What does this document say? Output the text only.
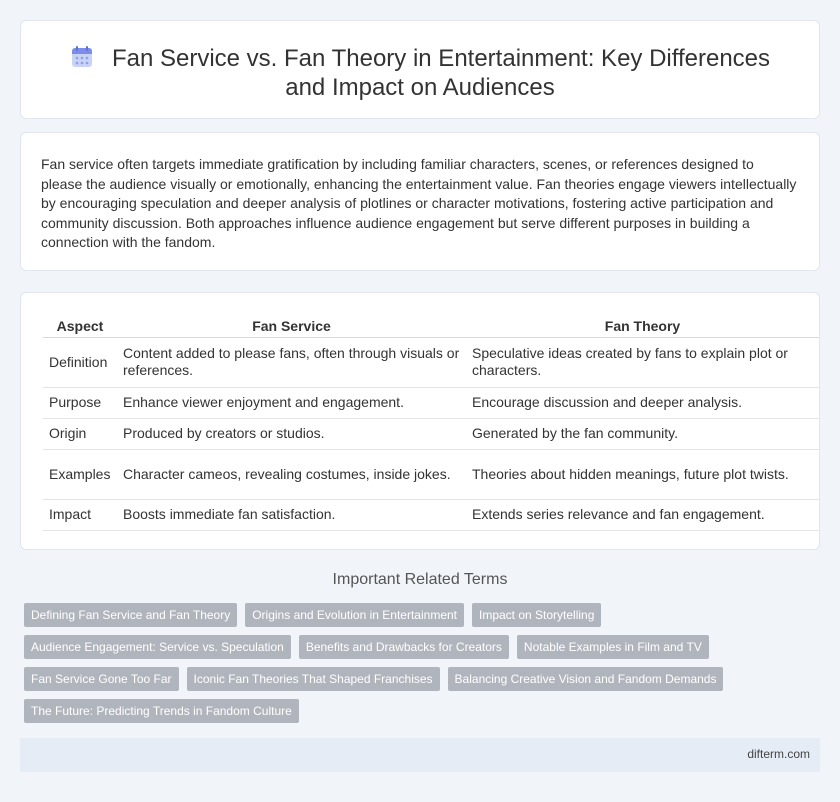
Fan Service vs. Fan Theory in Entertainment: Key Differences and Impact on Audiences

Fan service often targets immediate gratification by including familiar characters, scenes, or references designed to please the audience visually or emotionally, enhancing the entertainment value. Fan theories engage viewers intellectually by encouraging speculation and deeper analysis of plotlines or character motivations, fostering active participation and community discussion. Both approaches influence audience engagement but serve different purposes in building a connection with the fandom.

Aspect	Fan Service	Fan Theory
Definition	Content added to please fans, often through visuals or references.	Speculative ideas created by fans to explain plot or characters.
Purpose	Enhance viewer enjoyment and engagement.	Encourage discussion and deeper analysis.
Origin	Produced by creators or studios.	Generated by the fan community.
Examples	Character cameos, revealing costumes, inside jokes.	Theories about hidden meanings, future plot twists.
Impact	Boosts immediate fan satisfaction.	Extends series relevance and fan engagement.
Important Related Terms
Defining Fan Service and Fan Theory	Origins and Evolution in Entertainment	Impact on Storytelling
Audience Engagement: Service vs. Speculation	Benefits and Drawbacks for Creators	Notable Examples in Film and TV
Fan Service Gone Too Far	Iconic Fan Theories That Shaped Franchises	Balancing Creative Vision and Fandom Demands
The Future: Predicting Trends in Fandom Culture
difterm.com
